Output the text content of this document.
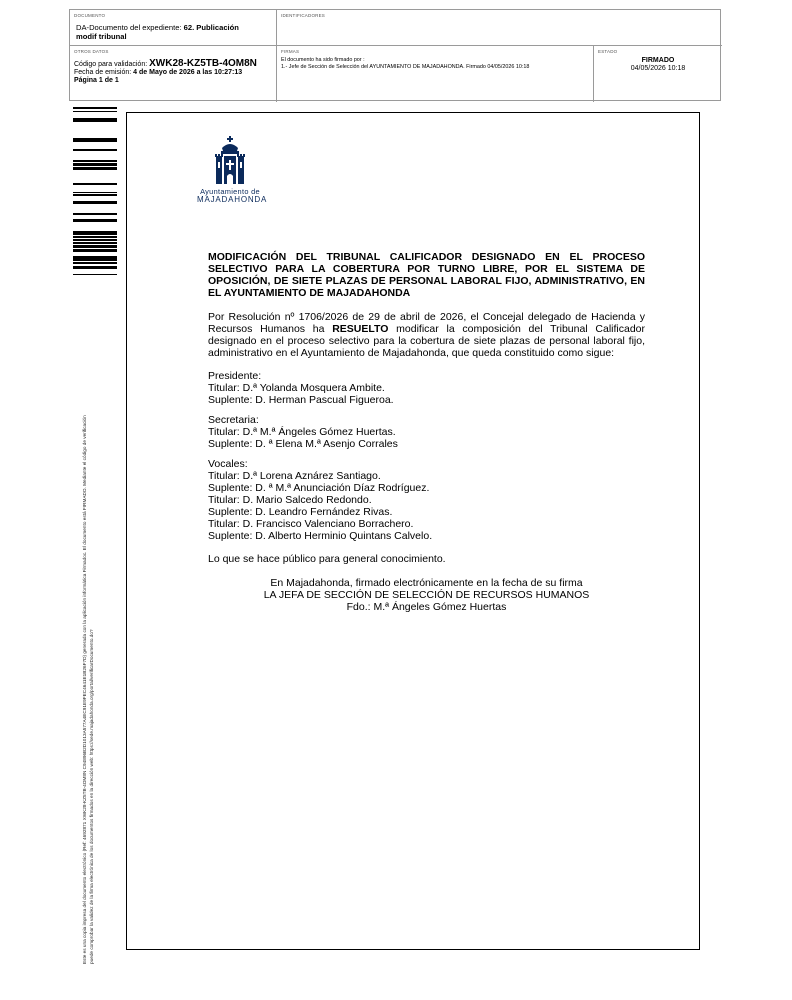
DOCUMENTO
DA-Documento del expediente: 62. Publicación
modif tribunal
IDENTIFICADORES
OTROS DATOS
Código para validación: XWK28-KZ5TB-4OM8N
Fecha de emisión: 4 de Mayo de 2026 a las 10:27:13
Página 1 de 1
FIRMAS
El documento ha sido firmado por :
1.- Jefe de Sección de Selección del AYUNTAMIENTO DE MAJADAHONDA. Firmado 04/05/2026 10:18
ESTADO
FIRMADO
04/05/2026 10:18
Este es una copia impresa del documento electrónico (Ref: 4692871 XWK28-KZ5TB-4OM8N C94896B2D1013A577A4EC91E9FEC4641E1B26F7D) generada con la aplicación informática Firmadoc. El documento está FIRMADO. Mediante el código de verificación puede comprobar la validez de la firma electrónica de los documentos firmados en la dirección web: https://sede.majadahonda.org/portal/verificarDocumento.do?
Ayuntamiento de
MAJADAHONDA

MODIFICACIÓN DEL TRIBUNAL CALIFICADOR DESIGNADO EN EL PROCESO SELECTIVO PARA LA COBERTURA POR TURNO LIBRE, POR EL SISTEMA DE OPOSICIÓN, DE SIETE PLAZAS DE PERSONAL LABORAL FIJO, ADMINISTRATIVO, EN EL AYUNTAMIENTO DE MAJADAHONDA

Por Resolución nº 1706/2026 de 29 de abril de 2026, el Concejal delegado de Hacienda y Recursos Humanos ha RESUELTO modificar la composición del Tribunal Calificador designado en el proceso selectivo para la cobertura de siete plazas de personal laboral fijo, administrativo en el Ayuntamiento de Majadahonda, que queda constituido como sigue:

Presidente:

Titular: D.ª Yolanda Mosquera Ambite.

Suplente: D. Herman Pascual Figueroa.

Secretaria:

Titular: D.ª M.ª Ángeles Gómez Huertas.

Suplente: D. ª Elena M.ª Asenjo Corrales

Vocales:

Titular: D.ª Lorena Aznárez Santiago.

Suplente: D. ª M.ª Anunciación Díaz Rodríguez.

Titular: D. Mario Salcedo Redondo.

Suplente: D. Leandro Fernández Rivas.

Titular: D. Francisco Valenciano Borrachero.

Suplente: D. Alberto Herminio Quintans Calvelo.

Lo que se hace público para general conocimiento.

En Majadahonda, firmado electrónicamente en la fecha de su firma

LA JEFA DE SECCIÓN DE SELECCIÓN DE RECURSOS HUMANOS

Fdo.: M.ª Ángeles Gómez Huertas
